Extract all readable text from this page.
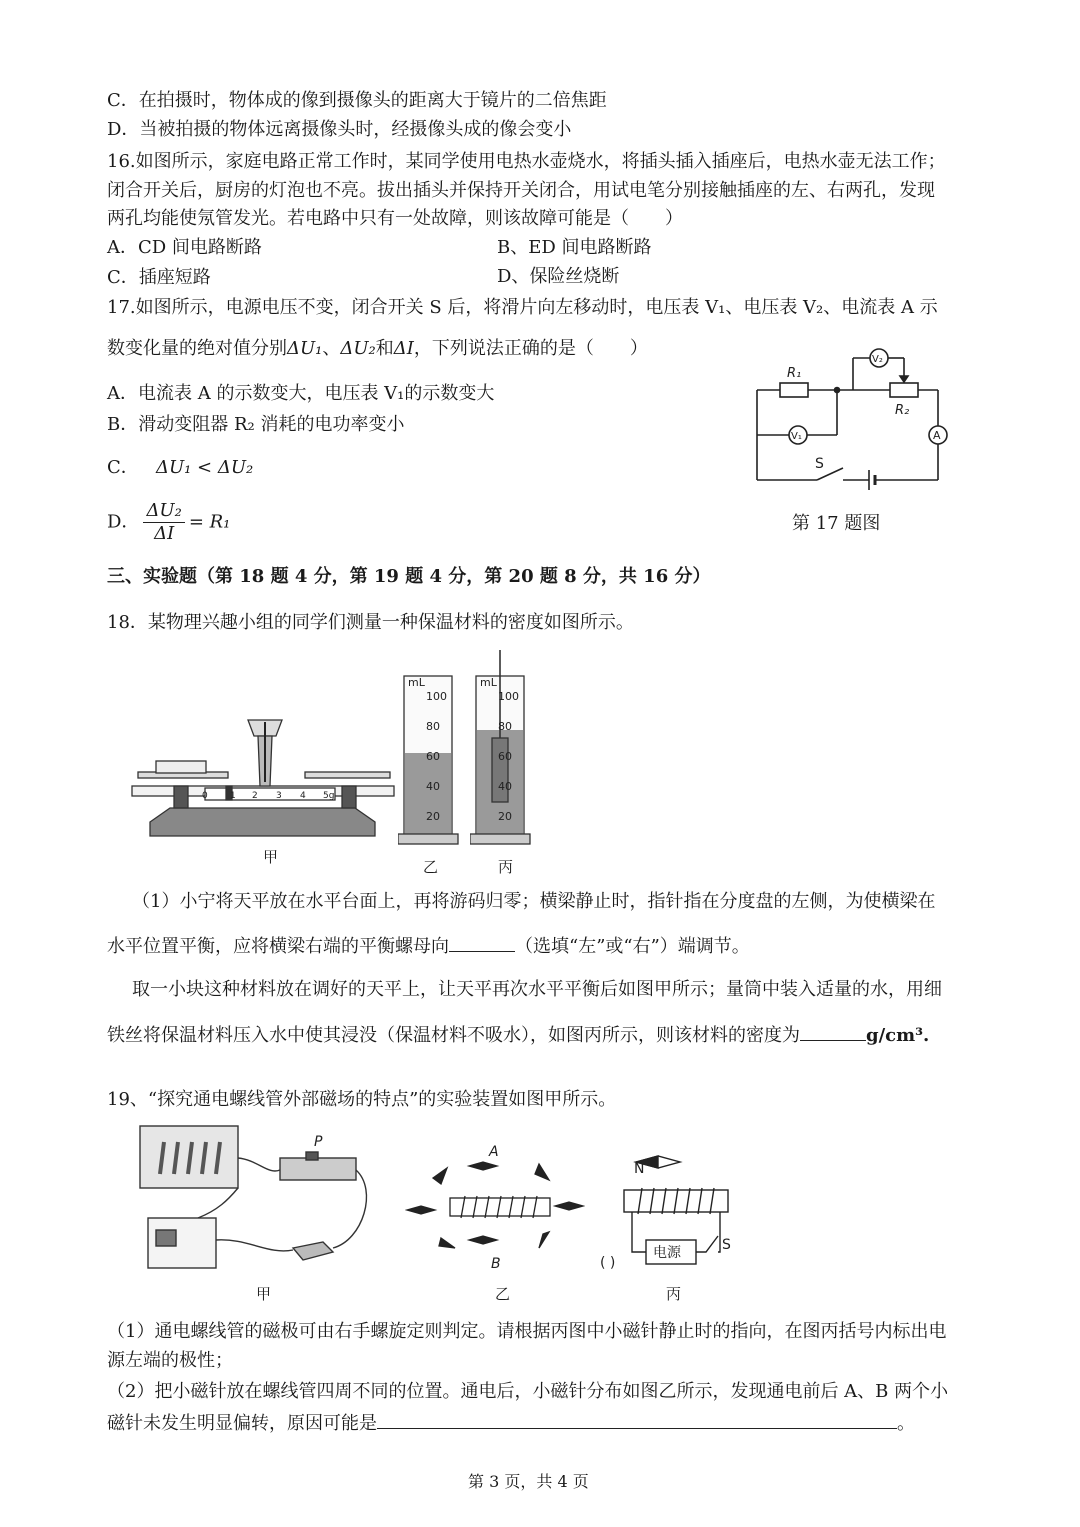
C．在拍摄时，物体成的像到摄像头的距离大于镜片的二倍焦距
D．当被拍摄的物体远离摄像头时，经摄像头成的像会变小
16.如图所示，家庭电路正常工作时，某同学使用电热水壶烧水，将插头插入插座后，电热水壶无法工作；
闭合开关后，厨房的灯泡也不亮。拔出插头并保持开关闭合，用试电笔分别接触插座的左、右两孔，发现
两孔均能使氖管发光。若电路中只有一处故障，则该故障可能是（　　）
A．CD 间电路断路	B、ED 间电路断路
C．插座短路	D、保险丝烧断
17.如图所示，电源电压不变，闭合开关 S 后，将滑片向左移动时，电压表 V₁、电压表 V₂、电流表 A 示
数变化量的绝对值分别ΔU₁、ΔU₂和ΔI，下列说法正确的是（　　）
A．电流表 A 的示数变大，电压表 V₁的示数变大
B．滑动变阻器 R₂ 消耗的电功率变小
C． ΔU₁ < ΔU₂
D． $\frac{\text{ΔU₂}}{\Delta I} = R_1$
R₁
R₂
V₁
V₂
A
S
第 17 题图
三、实验题（第 18 题 4 分，第 19 题 4 分，第 20 题 8 分，共 16 分）
18．某物理兴趣小组的同学们测量一种保温材料的密度如图所示。
0 1 2 3 4 5g
甲
mL
100
80
60
40
20
乙
mL
100
80
60
40
20
丙
（1）小宁将天平放在水平台面上，再将游码归零；横梁静止时，指针指在分度盘的左侧，为使横梁在
水平位置平衡，应将横梁右端的平衡螺母向	（选填“左”或“右”）端调节。
取一小块这种材料放在调好的天平上，让天平再次水平平衡后如图甲所示；量筒中装入适量的水，用细
铁丝将保温材料压入水中使其浸没（保温材料不吸水），如图丙所示，则该材料的密度为	g/cm³.
19、“探究通电螺线管外部磁场的特点”的实验装置如图甲所示。
P
甲
A
B
乙
N
电源	S
( )
丙
（1）通电螺线管的磁极可由右手螺旋定则判定。请根据丙图中小磁针静止时的指向，在图丙括号内标出电
源左端的极性；
（2）把小磁针放在螺线管四周不同的位置。通电后，小磁针分布如图乙所示，发现通电前后 A、B 两个小
磁针未发生明显偏转，原因可能是	。
第 3 页，共 4 页
